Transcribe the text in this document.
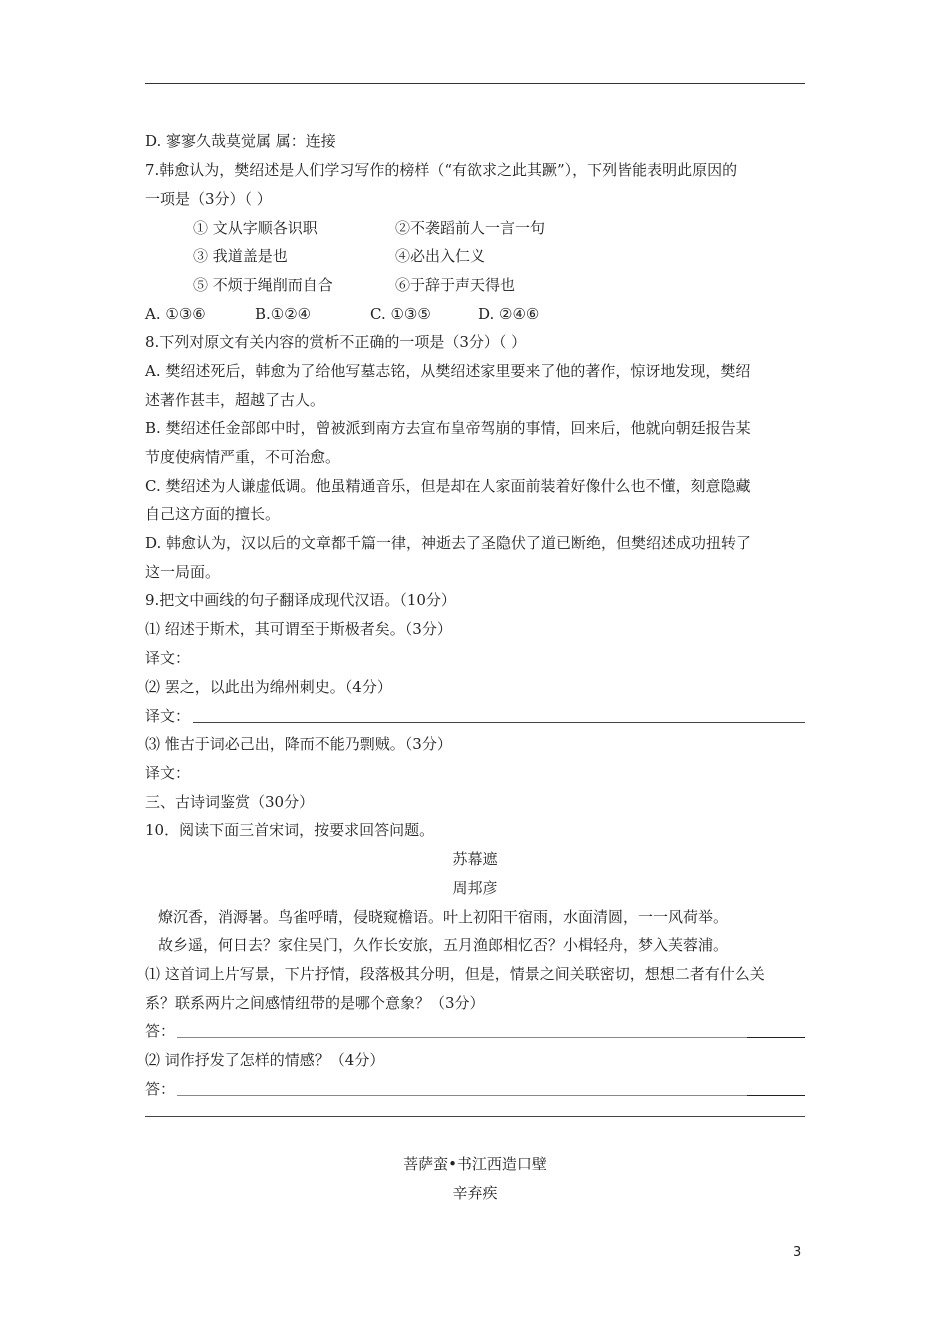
D. 寥寥久哉莫觉属 属：连接
7.韩愈认为，樊绍述是人们学习写作的榜样（“有欲求之此其蹶”），下列皆能表明此原因的
一项是（3分）（ ）
① 文从字顺各识职	②不袭蹈前人一言一句
③ 我道盖是也	④必出入仁义
⑤ 不烦于绳削而自合	⑥于辞于声天得也
A. ①③⑥	B.①②④	C. ①③⑤	D. ②④⑥
8.下列对原文有关内容的赏析不正确的一项是（3分）（ ）
A. 樊绍述死后，韩愈为了给他写墓志铭，从樊绍述家里要来了他的著作，惊讶地发现，樊绍
述著作甚丰，超越了古人。
B. 樊绍述任金部郎中时，曾被派到南方去宣布皇帝驾崩的事情，回来后，他就向朝廷报告某
节度使病情严重，不可治愈。
C. 樊绍述为人谦虚低调。他虽精通音乐，但是却在人家面前装着好像什么也不懂，刻意隐藏
自己这方面的擅长。
D. 韩愈认为，汉以后的文章都千篇一律，神逝去了圣隐伏了道已断绝，但樊绍述成功扭转了
这一局面。
9.把文中画线的句子翻译成现代汉语。（10分）
⑴ 绍述于斯术，其可谓至于斯极者矣。（3分）
译文：
⑵ 罢之，以此出为绵州刺史。（4分）
译文：
⑶ 惟古于词必己出，降而不能乃剽贼。（3分）
译文：
三、古诗词鉴赏（30分）
10．阅读下面三首宋词，按要求回答问题。
苏幕遮
周邦彦
燎沉香，消溽暑。鸟雀呼晴，侵晓窥檐语。叶上初阳干宿雨，水面清圆，一一风荷举。
故乡遥，何日去？家住吴门，久作长安旅，五月渔郎相忆否？小楫轻舟，梦入芙蓉浦。
⑴ 这首词上片写景，下片抒情，段落极其分明，但是，情景之间关联密切，想想二者有什么关
系？联系两片之间感情纽带的是哪个意象？（3分）
答：
⑵ 词作抒发了怎样的情感？（4分）
答：
菩萨蛮•书江西造口壁
辛弃疾
3
